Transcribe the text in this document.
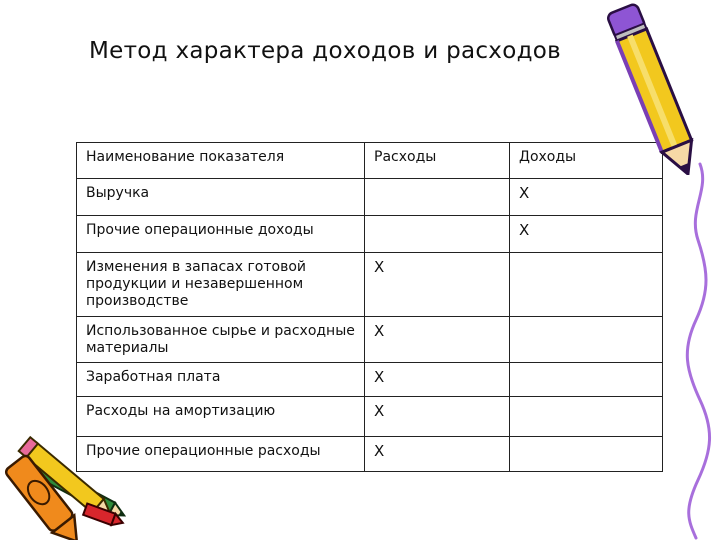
Метод характера доходов и расходов
Наименование показателя	Расходы	Доходы
Выручка		Х
Прочие операционные доходы		Х
Изменения в запасах готовой продукции и незавершенном производстве	Х	
Использованное сырье и расходные материалы	Х	
Заработная плата	Х	
Расходы на амортизацию	Х	
Прочие операционные расходы	Х	
